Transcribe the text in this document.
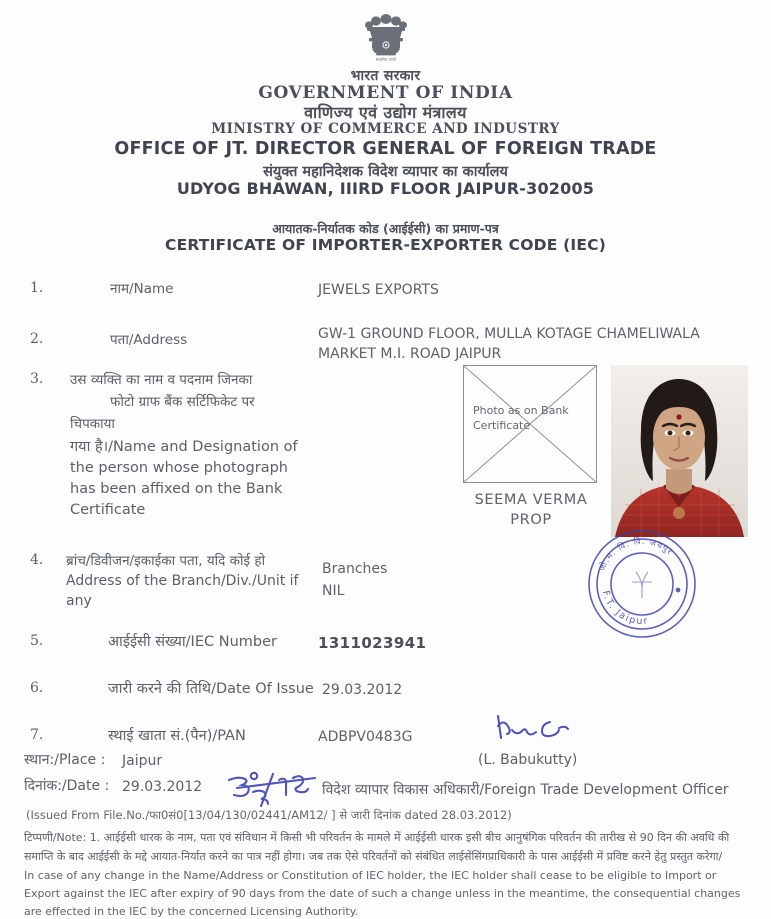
सत्यमेव जयते
भारत सरकार
GOVERNMENT OF INDIA
वाणिज्य एवं उद्योग मंत्रालय
MINISTRY OF COMMERCE AND INDUSTRY
OFFICE OF JT. DIRECTOR GENERAL OF FOREIGN TRADE
संयुक्त महानिदेशक विदेश व्यापार का कार्यालय
UDYOG BHAWAN, IIIRD FLOOR JAIPUR-302005
आयातक-निर्यातक कोड (आईईसी) का प्रमाण-पत्र
CERTIFICATE OF IMPORTER-EXPORTER CODE (IEC)
1.	नाम/Name	JEWELS EXPORTS
2.	पता/Address	GW-1 GROUND FLOOR, MULLA KOTAGE CHAMELIWALA
MARKET M.I. ROAD JAIPUR
3. उस व्यक्ति का नाम व पदनाम जिनका
फोटो ग्राफ बैंक सर्टिफिकेट पर
चिपकाया
गया है।/Name and Designation of
the person whose photograph
has been affixed on the Bank
Certificate
Photo as on Bank Certificate
SEEMA VERMA
PROP
F.T. Jaipur
जो.म. वि. वि. जयपुर
4. ब्रांच/डिवीजन/इकाईका पता, यदि कोई हो
Address of the Branch/Div./Unit if
any
Branches
NIL
5.	आईईसी संख्या/IEC Number	1311023941
6.	जारी करने की तिथि/Date Of Issue 29.03.2012
7.	स्थाई खाता सं.(पैन)/PAN	ADBPV0483G
स्थान:/Place : Jaipur
दिनांक:/Date : 29.03.2012
(L. Babukutty)
विदेश व्यापार विकास अधिकारी/Foreign Trade Development Officer
(Issued From File.No./फा0सं0[13/04/130/02441/AM12/ ] से जारी दिनांक dated 28.03.2012)
टिप्पणी/Note: 1. आईईसी धारक के नाम, पता एवं संविधान में किसी भी परिवर्तन के मामले में आईईसी धारक इसी बीच आनुषंगिक परिवर्तन की तारीख से 90 दिन की अवधि की समाप्ति के बाद आईईसी के मद्दे आयात-निर्यात करने का पात्र नहीं होगा। जब तक ऐसे परिवर्तनों को संबंधित लाईसेंसिंगप्राधिकारी के पास आईईसी में प्रविष्ट करने हेतु प्रस्तुत करेगा/
In case of any change in the Name/Address or Constitution of IEC holder, the IEC holder shall cease to be eligible to Import or Export against the IEC after expiry of 90 days from the date of such a change unless in the meantime, the consequential changes are effected in the IEC by the concerned Licensing Authority.
